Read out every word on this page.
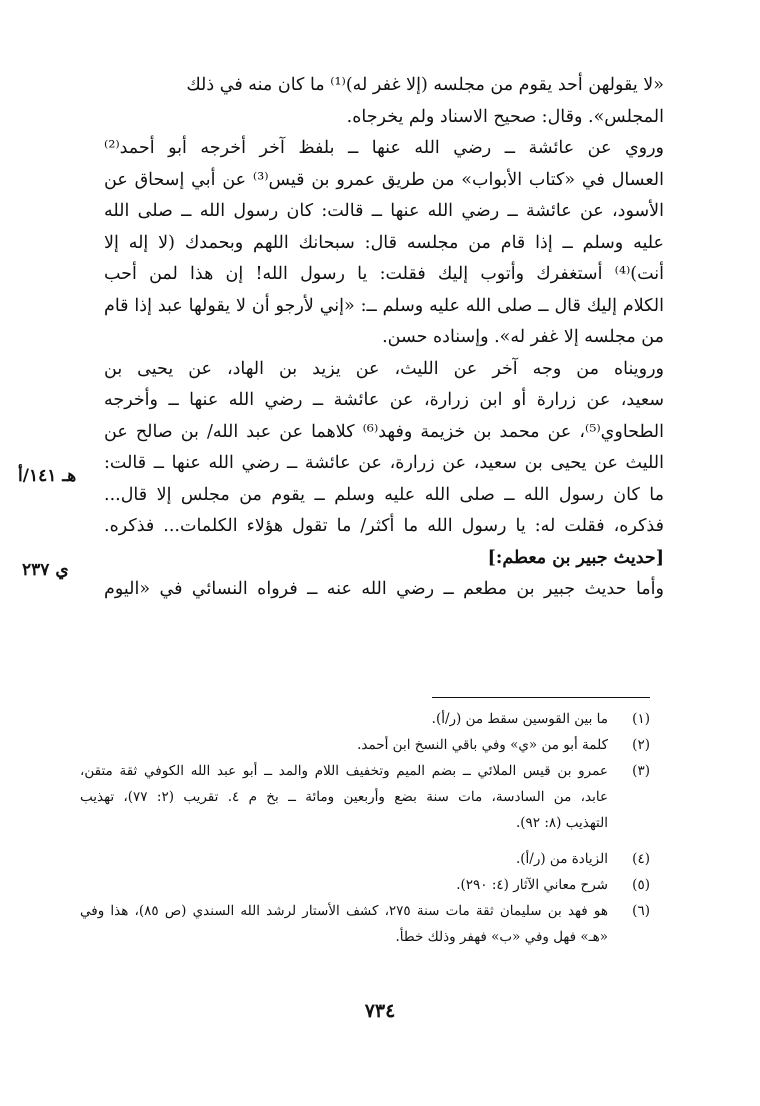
«لا يقولهن أحد يقوم من مجلسه (إلا غفر له)⁽¹⁾ ما كان منه في ذلك
المجلس». وقال: صحيح الاسناد ولم يخرجاه.
وروي عن عائشة ــ رضي الله عنها ــ بلفظ آخر أخرجه أبو أحمد⁽²⁾
العسال في «كتاب الأبواب» من طريق عمرو بن قيس⁽³⁾ عن أبي إسحاق عن
الأسود، عن عائشة ــ رضي الله عنها ــ قالت: كان رسول الله ــ صلى الله
عليه وسلم ــ إذا قام من مجلسه قال: سبحانك اللهم وبحمدك (لا إله إلا
أنت)⁽⁴⁾ أستغفرك وأتوب إليك فقلت: يا رسول الله! إن هذا لمن أحب
الكلام إليك قال ــ صلى الله عليه وسلم ــ: «إني لأرجو أن لا يقولها عبد إذا قام
من مجلسه إلا غفر له». وإسناده حسن.
ورويناه من وجه آخر عن الليث، عن يزيد بن الهاد، عن يحيى بن
سعيد، عن زرارة أو ابن زرارة، عن عائشة ــ رضي الله عنها ــ وأخرجه
الطحاوي⁽⁵⁾، عن محمد بن خزيمة وفهد⁽⁶⁾ كلاهما عن عبد الله/ بن صالح عن
الليث عن يحيى بن سعيد، عن زرارة، عن عائشة ــ رضي الله عنها ــ قالت:
ما كان رسول الله ــ صلى الله عليه وسلم ــ يقوم من مجلس إلا قال...
فذكره، فقلت له: يا رسول الله ما أكثر/ ما تقول هؤلاء الكلمات... فذكره.
[حديث جبير بن معطم:]
وأما حديث جبير بن مطعم ــ رضي الله عنه ــ فرواه النسائي في «اليوم
هـ ١٤١/أ
ي ٢٣٧
(١)
ما بين القوسين سقط من (ر/أ).
(٢)
كلمة أبو من «ي» وفي باقي النسخ ابن أحمد.
(٣)
عمرو بن قيس الملائي ــ بضم الميم وتخفيف اللام والمد ــ أبو عبد الله الكوفي ثقة متقن،
عابد، من السادسة، مات سنة بضع وأربعين ومائة ــ بخ م ٤. تقريب (٢: ٧٧)، تهذيب
التهذيب (٨: ٩٢).
(٤)
الزيادة من (ر/أ).
(٥)
شرح معاني الآثار (٤: ٢٩٠).
(٦)
هو فهد بن سليمان ثقة مات سنة ٢٧٥، كشف الأستار لرشد الله السندي (ص ٨٥)، هذا وفي
«هـ» فهل وفي «ب» فهفر وذلك خطأ.
٧٣٤
